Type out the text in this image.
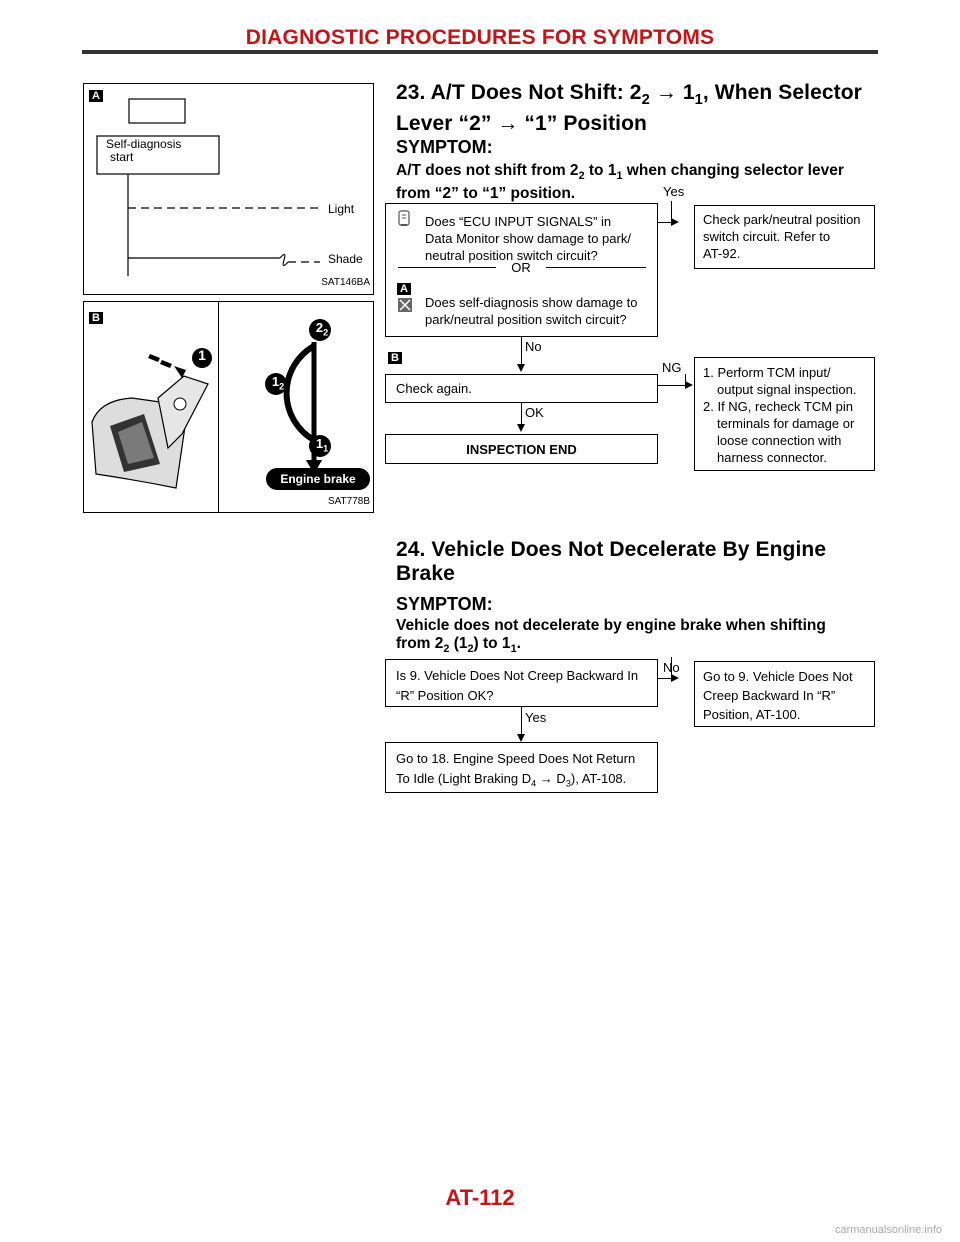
DIAGNOSTIC PROCEDURES FOR SYMPTOMS
A
Self-diagnosis
start
Light
Shade
SAT146BA
B
1
$2_2$
$1_2$
$1_1$
Engine brake
SAT778B
23. A/T Does Not Shift: $2_2 \to 1_1$, When Selector
Lever “2” → “1” Position
SYMPTOM:
A/T does not shift from $2_2$ to $1_1$ when changing selector lever
from “2” to “1” position.
Does “ECU INPUT SIGNALS” in
Data Monitor show damage to park/
neutral position switch circuit?
OR
A
Does self-diagnosis show damage to
park/neutral position switch circuit?
Yes
Check park/neutral position
switch circuit. Refer to
AT-92.
No
B
Check again.
NG 1. Perform TCM input/
output signal inspection.
2. If NG, recheck TCM pin
terminals for damage or
loose connection with
harness connector.
OK
INSPECTION END
24. Vehicle Does Not Decelerate By Engine
Brake
SYMPTOM:
Vehicle does not decelerate by engine brake when shifting
from $2_2$ $(1_2)$ to $1_1$.
Is 9. Vehicle Does Not Creep Backward In
“R” Position OK?
No
Go to 9. Vehicle Does Not
Creep Backward In “R”
Position, AT-100.
Yes
Go to 18. Engine Speed Does Not Return
To Idle (Light Braking $D_4 \to D_3$), AT-108.
AT-112
carmanualsonline.info
